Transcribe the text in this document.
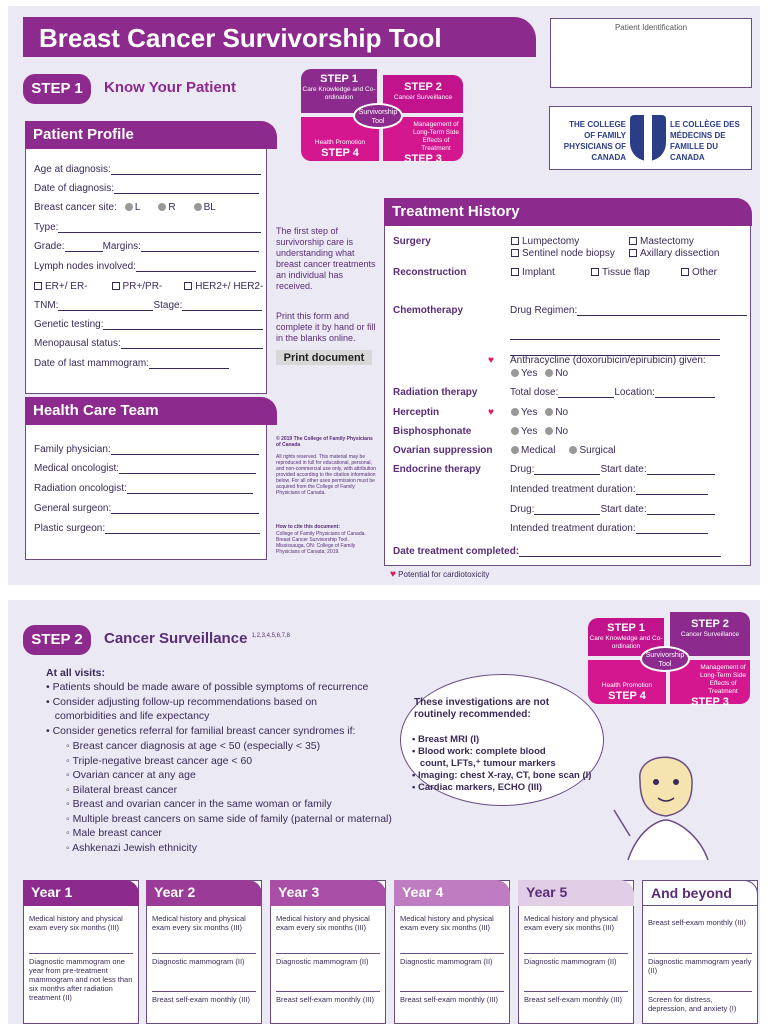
Breast Cancer Survivorship Tool	Patient Identification
THE COLLEGE OF FAMILY PHYSICIANS OF CANADA
LE COLLÈGE DES MÉDECINS DE FAMILLE DU CANADA
STEP 1	Know Your Patient	STEP 1
Care Knowledge and Co-ordination
STEP 2
Cancer Surveillance
Health Promotion
STEP 4
Management of Long-Term Side Effects of Treatment
STEP 3
Survivorship Tool
Patient Profile
Age at diagnosis:
Date of diagnosis:
Breast cancer site: L	R	BL
Type:
Grade:	Margins:
Lymph nodes involved:
ER+/ ER-	PR+/PR-	HER2+/ HER2-
TNM:	Stage:
Genetic testing:
Menopausal status:
Date of last mammogram:
Health Care Team
Family physician:
Medical oncologist:
Radiation oncologist:
General surgeon:
Plastic surgeon:
The first step of survivorship care is understanding what breast cancer treatments an individual has received.
Print this form and complete it by hand or fill in the blanks online.
Print document
© 2019 The College of Family Physicians of Canada
All rights reserved. This material may be reproduced in full for educational, personal, and non-commercial use only, with attribution provided according to the citation information below. For all other uses permission must be acquired from the College of Family Physicians of Canada.
How to cite this document:
College of Family Physicians of Canada. Breast Cancer Survivorship Tool. Mississauga, ON: College of Family Physicians of Canada; 2019.
Treatment History
Surgery	Lumpectomy	Mastectomy
Sentinel node biopsy	Axillary dissection
Reconstruction	Implant	Tissue flap	Other
Chemotherapy	Drug Regimen:
♥ Anthracycline (doxorubicin/epirubicin) given:
Yes No
Radiation therapy	Total dose:	Location:
Herceptin	♥	Yes No
Bisphosphonate	Yes No
Ovarian suppression	Medical Surgical
Endocrine therapy	Drug:	Start date:
Intended treatment duration:
Drug:	Start date:
Intended treatment duration:
Date treatment completed:
♥ Potential for cardiotoxicity
STEP 2	Cancer Surveillance $^{1,2,3,4,5,6,7,8}$
STEP 1
Care Knowledge and Co-ordination
STEP 2
Cancer Surveillance
Health Promotion
STEP 4
Management of Long-Term Side Effects of Treatment
STEP 3
Survivorship Tool
At all visits:
• Patients should be made aware of possible symptoms of recurrence
• Consider adjusting follow-up recommendations based on
comorbidities and life expectancy
• Consider genetics referral for familial breast cancer syndromes if:
◦ Breast cancer diagnosis at age < 50 (especially < 35)
◦ Triple-negative breast cancer age < 60
◦ Ovarian cancer at any age
◦ Bilateral breast cancer
◦ Breast and ovarian cancer in the same woman or family
◦ Multiple breast cancers on same side of family (paternal or maternal)
◦ Male breast cancer
◦ Ashkenazi Jewish ethnicity
These investigations are not routinely recommended:
• Breast MRI (I)
• Blood work: complete blood
count, LFTs,⁺ tumour markers
• Imaging: chest X-ray, CT, bone scan (I)
• Cardiac markers, ECHO (III)
Year 1
Medical history and physical exam every six months (III)
Diagnostic mammogram one year from pre-treatment mammogram and not less than six months after radiation treatment (II)
Year 2
Medical history and physical exam every six months (III)
Diagnostic mammogram (II)
Breast self-exam monthly (III)
Year 3
Medical history and physical exam every six months (III)
Diagnostic mammogram (II)
Breast self-exam monthly (III)
Year 4
Medical history and physical exam every six months (III)
Diagnostic mammogram (II)
Breast self-exam monthly (III)
Year 5
Medical history and physical exam every six months (III)
Diagnostic mammogram (II)
Breast self-exam monthly (III)
And beyond
Breast self-exam monthly (III)
Diagnostic mammogram yearly (II)
Screen for distress, depression, and anxiety (I)
